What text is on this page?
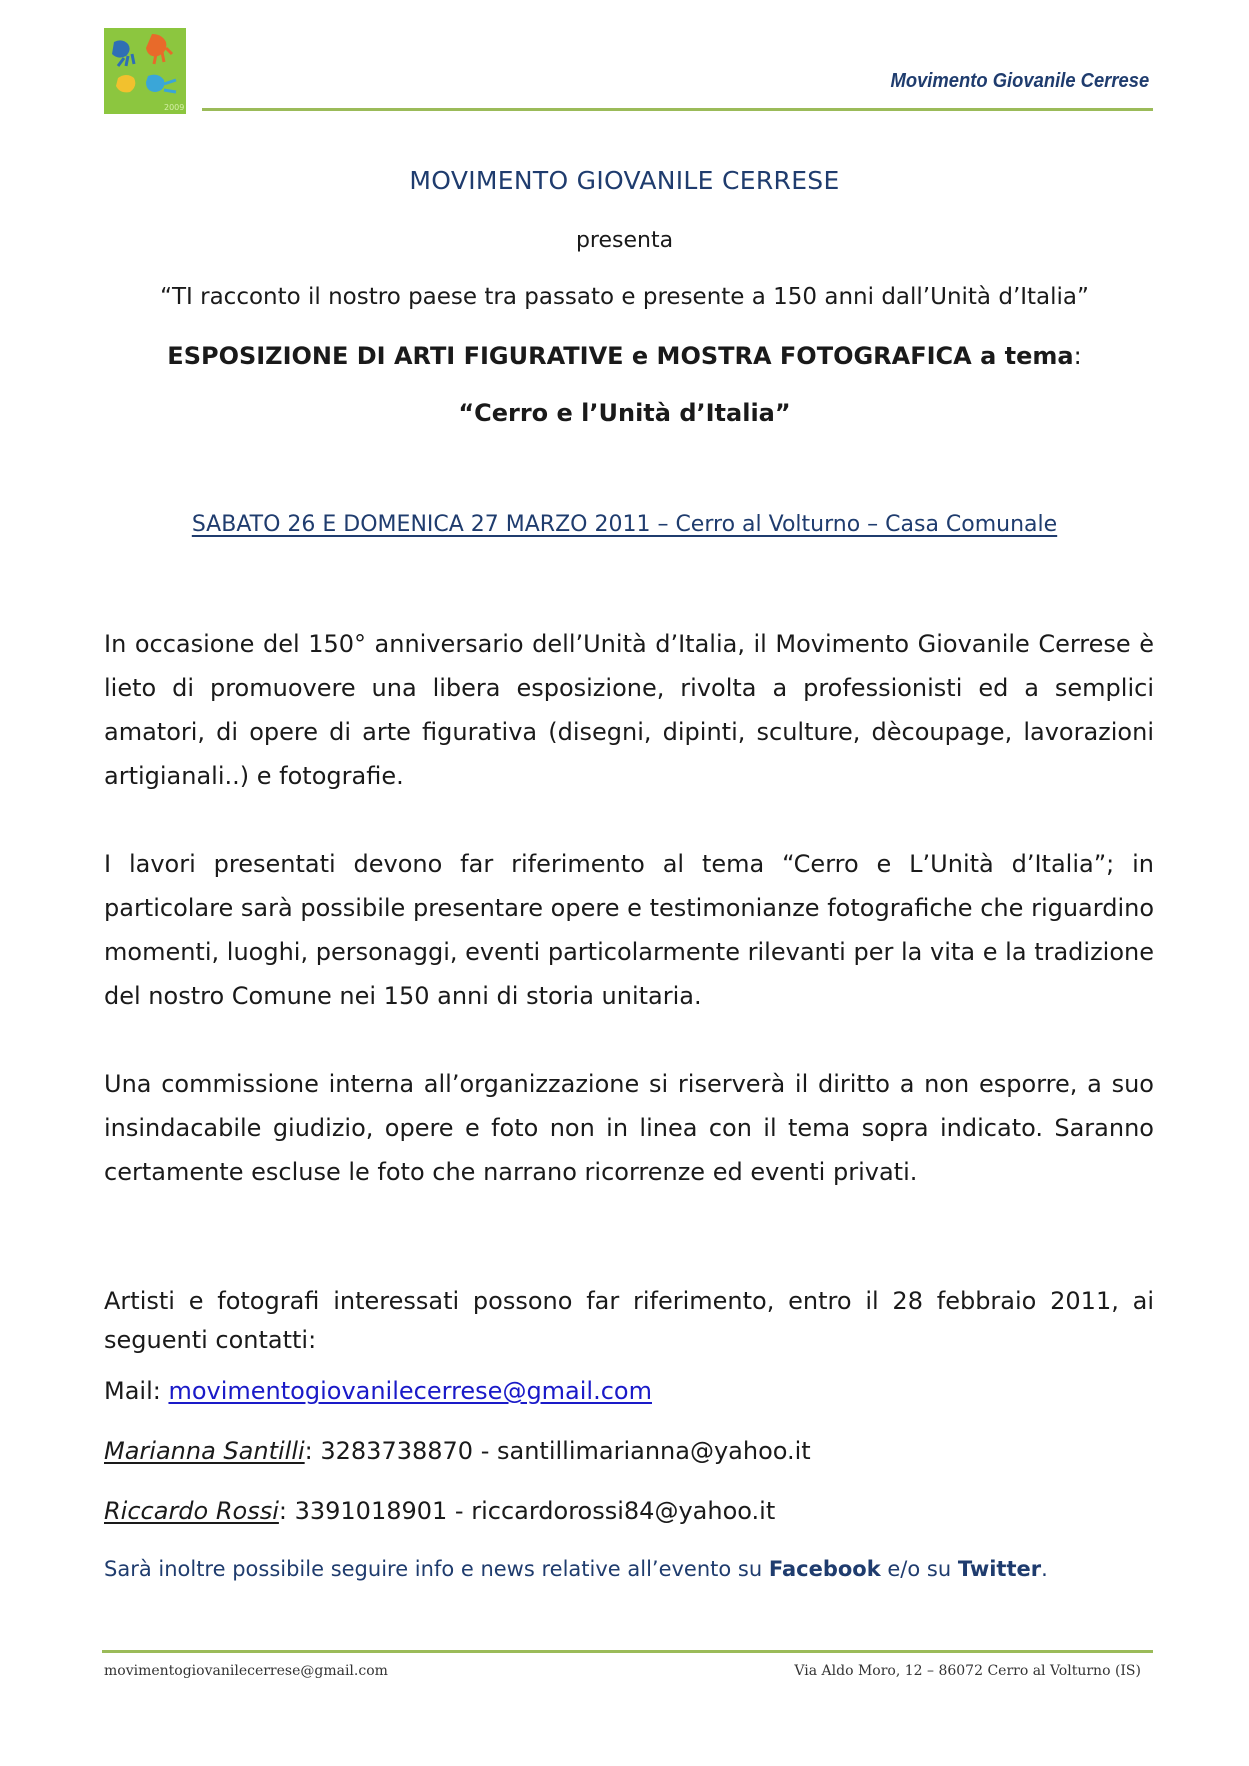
2009
Movimento Giovanile Cerrese
MOVIMENTO GIOVANILE CERRESE
presenta
“TI racconto il nostro paese tra passato e presente a 150 anni dall’Unità d’Italia”
ESPOSIZIONE DI ARTI FIGURATIVE e MOSTRA FOTOGRAFICA a tema:
“Cerro e l’Unità d’Italia”
SABATO 26 E DOMENICA 27 MARZO 2011 – Cerro al Volturno – Casa Comunale

In occasione del 150° anniversario dell’Unità d’Italia, il Movimento Giovanile Cerrese è lieto di promuovere una libera esposizione, rivolta a professionisti ed a semplici amatori, di opere di arte figurativa (disegni, dipinti, sculture, dècoupage, lavorazioni artigianali..) e fotografie.

I lavori presentati devono far riferimento al tema “Cerro e L’Unità d’Italia”; in particolare sarà possibile presentare opere e testimonianze fotografiche che riguardino momenti, luoghi, personaggi, eventi particolarmente rilevanti per la vita e la tradizione del nostro Comune nei 150 anni di storia unitaria.

Una commissione interna all’organizzazione si riserverà il diritto a non esporre, a suo insindacabile giudizio, opere e foto non in linea con il tema sopra indicato. Saranno certamente escluse le foto che narrano ricorrenze ed eventi privati.

Artisti e fotografi interessati possono far riferimento, entro il 28 febbraio 2011, ai seguenti contatti:

Mail: movimentogiovanilecerrese@gmail.com

Marianna Santilli: 3283738870 - santillimarianna@yahoo.it

Riccardo Rossi: 3391018901 - riccardorossi84@yahoo.it

Sarà inoltre possibile seguire info e news relative all’evento su Facebook e/o su Twitter.

movimentogiovanilecerrese@gmail.com	Via Aldo Moro, 12 – 86072 Cerro al Volturno (IS)
